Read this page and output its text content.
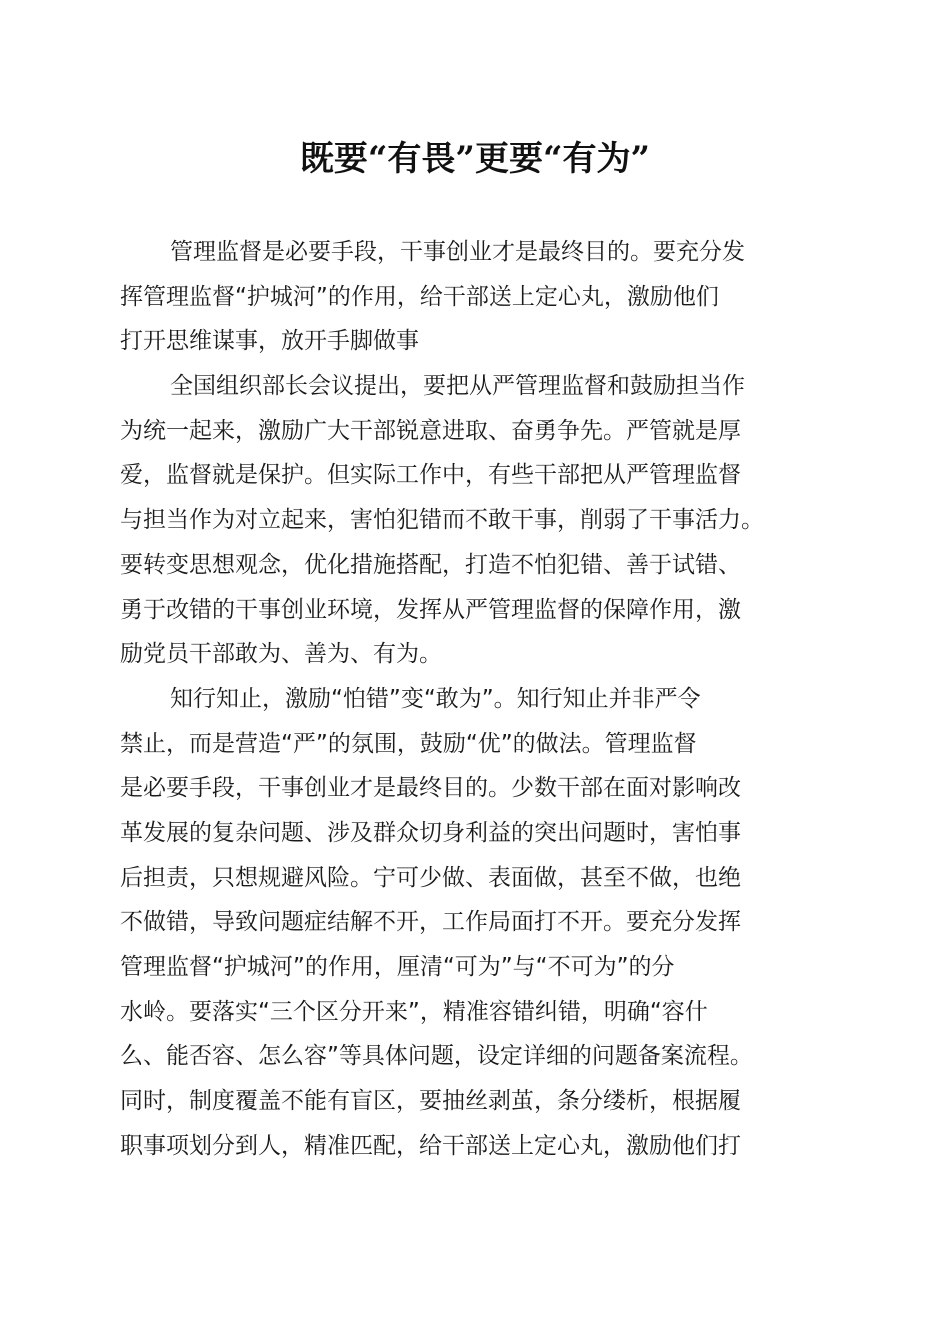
既要“有畏”更要“有为”
管理监督是必要手段，干事创业才是最终目的。要充分发
挥管理监督“护城河”的作用，给干部送上定心丸，激励他们
打开思维谋事，放开手脚做事
全国组织部长会议提出，要把从严管理监督和鼓励担当作
为统一起来，激励广大干部锐意进取、奋勇争先。严管就是厚
爱，监督就是保护。但实际工作中，有些干部把从严管理监督
与担当作为对立起来，害怕犯错而不敢干事，削弱了干事活力。
要转变思想观念，优化措施搭配，打造不怕犯错、善于试错、
勇于改错的干事创业环境，发挥从严管理监督的保障作用，激
励党员干部敢为、善为、有为。
知行知止，激励“怕错”变“敢为”。知行知止并非严令
禁止，而是营造“严”的氛围，鼓励“优”的做法。管理监督
是必要手段，干事创业才是最终目的。少数干部在面对影响改
革发展的复杂问题、涉及群众切身利益的突出问题时，害怕事
后担责，只想规避风险。宁可少做、表面做，甚至不做，也绝
不做错，导致问题症结解不开，工作局面打不开。要充分发挥
管理监督“护城河”的作用，厘清“可为”与“不可为”的分
水岭。要落实“三个区分开来”，精准容错纠错，明确“容什
么、能否容、怎么容”等具体问题，设定详细的问题备案流程。
同时，制度覆盖不能有盲区，要抽丝剥茧，条分缕析，根据履
职事项划分到人，精准匹配，给干部送上定心丸，激励他们打
